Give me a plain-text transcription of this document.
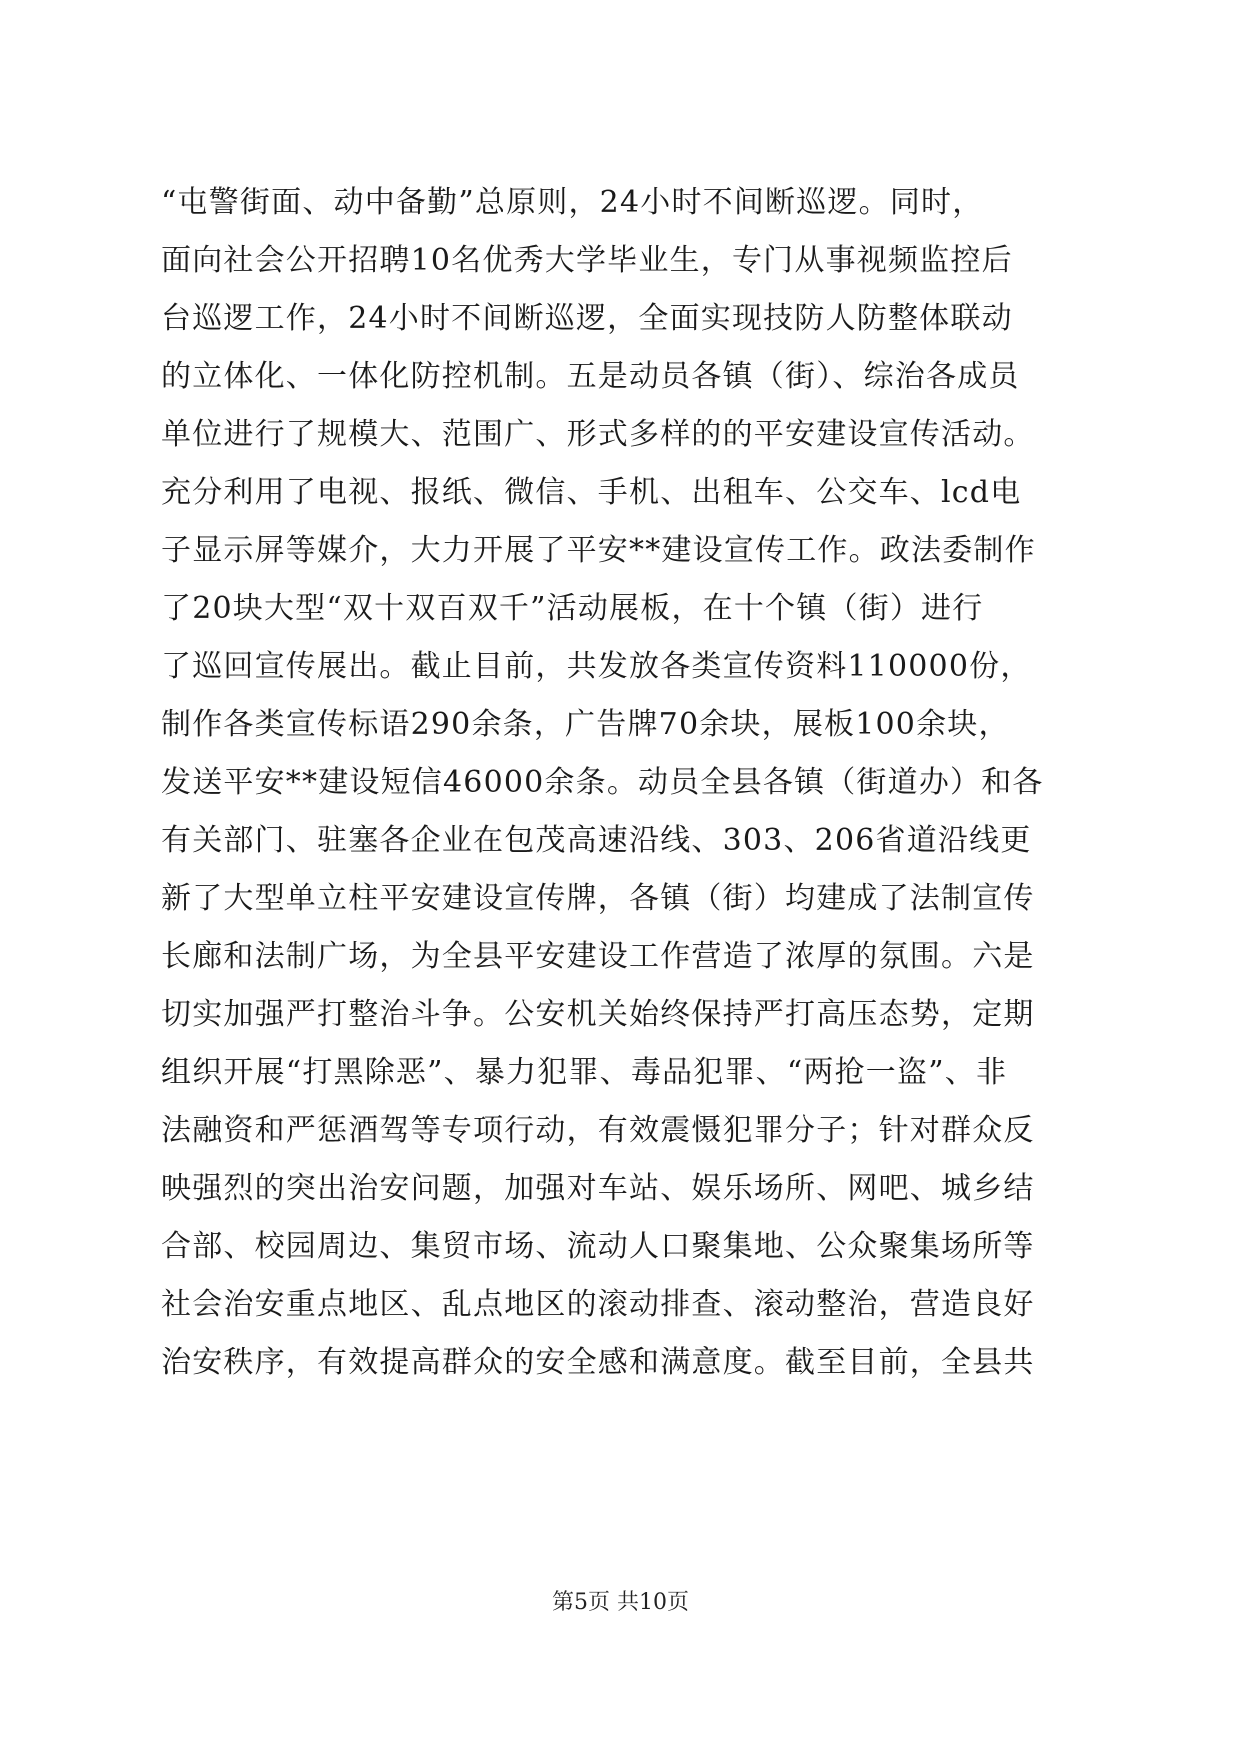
“屯警街面、动中备勤”总原则，24小时不间断巡逻。同时，
面向社会公开招聘10名优秀大学毕业生，专门从事视频监控后
台巡逻工作，24小时不间断巡逻，全面实现技防人防整体联动
的立体化、一体化防控机制。五是动员各镇（街）、综治各成员
单位进行了规模大、范围广、形式多样的的平安建设宣传活动。
充分利用了电视、报纸、微信、手机、出租车、公交车、lcd电
子显示屏等媒介，大力开展了平安**建设宣传工作。政法委制作
了20块大型“双十双百双千”活动展板，在十个镇（街）进行
了巡回宣传展出。截止目前，共发放各类宣传资料110000份，
制作各类宣传标语290余条，广告牌70余块，展板100余块，
发送平安**建设短信46000余条。动员全县各镇（街道办）和各
有关部门、驻塞各企业在包茂高速沿线、303、206省道沿线更
新了大型单立柱平安建设宣传牌，各镇（街）均建成了法制宣传
长廊和法制广场，为全县平安建设工作营造了浓厚的氛围。六是
切实加强严打整治斗争。公安机关始终保持严打高压态势，定期
组织开展“打黑除恶”、暴力犯罪、毒品犯罪、“两抢一盗”、非
法融资和严惩酒驾等专项行动，有效震慑犯罪分子；针对群众反
映强烈的突出治安问题，加强对车站、娱乐场所、网吧、城乡结
合部、校园周边、集贸市场、流动人口聚集地、公众聚集场所等
社会治安重点地区、乱点地区的滚动排查、滚动整治，营造良好
治安秩序，有效提高群众的安全感和满意度。截至目前，全县共
第5页 共10页
